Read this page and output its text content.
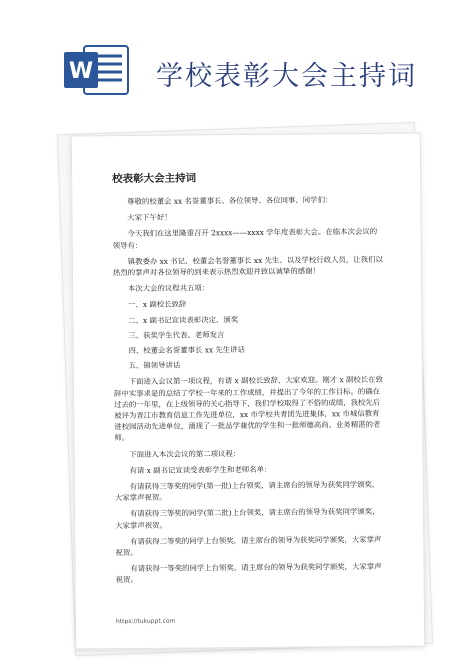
W 学校表彰大会主持词
校表彰大会主持词

尊敬的校董会 xx 名誉董事长、各位领导、各位同事、同学们：

大家下午好！

今天我们在这里隆重召开 2xxxx——xxxx 学年度表彰大会。在临本次会议的领导有：

镇教委办 xx 书记、校董会名誉董事长 xx 先生、以及学校行政人员，让我们以热烈的掌声对各位领导的到来表示热烈欢迎并致以诚挚的感谢！

本次大会的议程共五项：

一、x 副校长致辞

二、x 副书记宣读表彰决定、颁奖

三、获奖学生代表、老师发言

四、校董会名誉董事长 xx 先生讲话

五、镇领导讲话

下面进入会议第一项议程，有请 x 副校长致辞，大家欢迎。刚才 x 副校长在致辞中实事求是的总结了学校一年来的工作成绩，并提出了今年的工作目标。的确在过去的一年里，在上级领导的关心指导下，我们学校取得了不俗的成绩，我校先后被评为晋江市教育信息工作先进单位，xx 市学校共青团先进集体，xx 市城信教育进校园活动先进单位，涌现了一批品学兼优的学生和一批师德高尚、业务精湛的老师。

下面进入本次会议的第二项议程：

有请 x 副书记宣读受表彰学生和老师名单：

有请获得三等奖的同学(第一批)上台领奖，请主席台的领导为获奖同学颁奖，大家掌声祝贺。

有请获得三等奖的同学(第二批)上台领奖，请主席台的领导为获奖同学颁奖，大家掌声祝贺。

有请获得二等奖的同学上台领奖，请主席台的领导为获奖同学颁奖，大家掌声祝贺。

有请获得一等奖的同学上台领奖，请主席台的领导为获奖同学颁奖，大家掌声祝贺。

https://tukuppt.com
